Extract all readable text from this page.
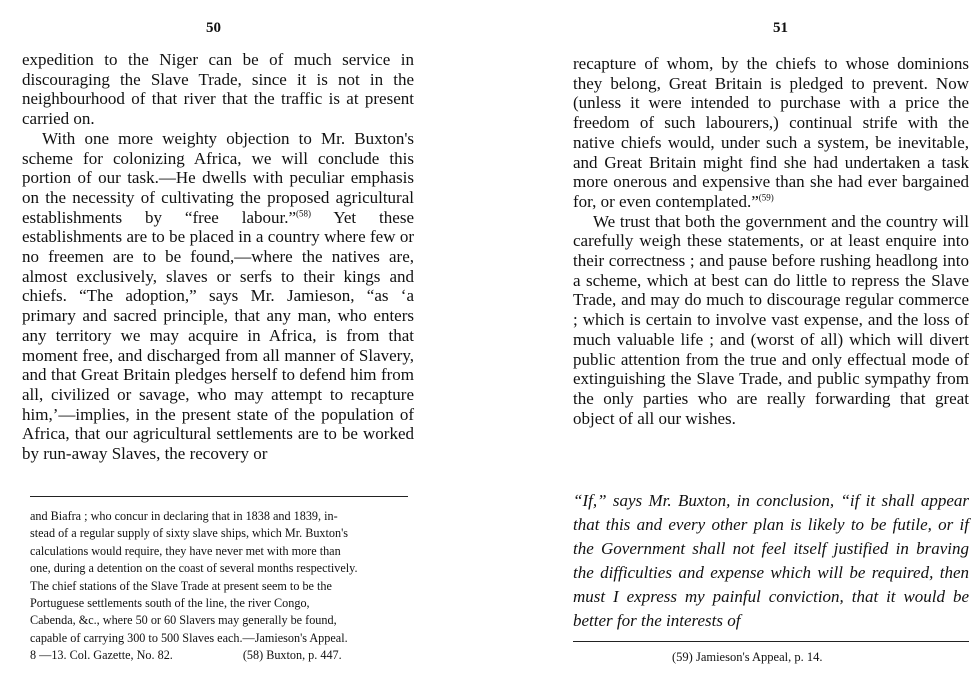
50

expedition to the Niger can be of much service in discouraging the Slave Trade, since it is not in the neighbourhood of that river that the traffic is at present carried on.

With one more weighty objection to Mr. Buxton's scheme for colonizing Africa, we will conclude this portion of our task.—He dwells with peculiar emphasis on the necessity of cultivating the proposed agricultural establishments by “free labour.”$^{(58)}$ Yet these establishments are to be placed in a country where few or no freemen are to be found,—where the natives are, almost exclusively, slaves or serfs to their kings and chiefs. “The adoption,” says Mr. Jamieson, “as ‘a primary and sacred principle, that any man, who enters any territory we may acquire in Africa, is from that moment free, and discharged from all manner of Slavery, and that Great Britain pledges herself to defend him from all, civilized or savage, who may attempt to recapture him,’—implies, in the present state of the population of Africa, that our agricultural settlements are to be worked by run-away Slaves, the recovery or

and Biafra ; who concur in declaring that in 1838 and 1839, in-
stead of a regular supply of sixty slave ships, which Mr. Buxton's
calculations would require, they have never met with more than
one, during a detention on the coast of several months respectively.
The chief stations of the Slave Trade at present seem to be the
Portuguese settlements south of the line, the river Congo,
Cabenda, &c., where 50 or 60 Slavers may generally be found,
capable of carrying 300 to 500 Slaves each.—Jamieson's Appeal.
8 —13. Col. Gazette, No. 82.	(58) Buxton, p. 447.
51

recapture of whom, by the chiefs to whose dominions they belong, Great Britain is pledged to prevent. Now (unless it were intended to purchase with a price the freedom of such labourers,) continual strife with the native chiefs would, under such a system, be inevitable, and Great Britain might find she had undertaken a task more onerous and expensive than she had ever bargained for, or even contemplated.”$^{(59)}$

We trust that both the government and the country will carefully weigh these statements, or at least enquire into their correctness ; and pause before rushing headlong into a scheme, which at best can do little to repress the Slave Trade, and may do much to discourage regular commerce ; which is certain to involve vast expense, and the loss of much valuable life ; and (worst of all) which will divert public attention from the true and only effectual mode of extinguishing the Slave Trade, and public sympathy from the only parties who are really forwarding that great object of all our wishes.

“If,” says Mr. Buxton, in conclusion, “if it shall appear that this and every other plan is likely to be futile, or if the Government shall not feel itself justified in braving the difficulties and expense which will be required, then must I express my painful conviction, that it would be better for the interests of
(59) Jamieson's Appeal, p. 14.
